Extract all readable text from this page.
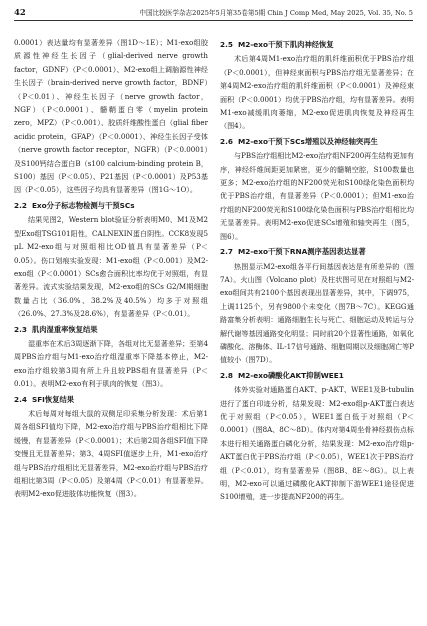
42	中国比较医学杂志2025年5月第35卷第5期 Chin J Comp Med, May 2025, Vol. 35, No. 5

0.0001）表达量均有显著差异（图1D～1E）；M1-exo组胶质源性神经生长因子（glial-derived nerve growth factor，GDNF）（P＜0.0001）、M2-exo组上调脑源性神经生长因子（brain-derived nerve growth factor，BDNF）（P＜0.01）、神经生长因子（nerve growth factor，NGF）（P＜0.0001）、髓鞘蛋白零（myelin protein zero，MPZ）（P＜0.001）、胶质纤维酸性蛋白（glial fiber acidic protein，GFAP）（P＜0.0001）、神经生长因子受体（nerve growth factor receptor，NGFR）（P＜0.0001）及S100钙结合蛋白B（s100 calcium-binding protein B，S100）基因（P＜0.05）、P21基因（P＜0.0001）及P53基因（P＜0.05），这些因子均具有显著差异（图1G～1O）。

2.2 Exo分子标志物检测与干预SCs

结果见图2，Western blot验证分析表明M0、M1及M2型Exo组TSG101阳性，CALNEXIN蛋白阴性。CCK8发现5 μL M2-exo组与对照组相比OD值具有显著差异（P＜0.05）。伤口划痕实验发现：M1-exo组（P＜0.001）及M2-exo组（P＜0.0001）SCs愈合面积比率均优于对照组，有显著差异。流式实验结果发现，M2-exo组的SCs G2/M期细胞数量占比（36.0%、38.2%及40.5%）均多于对照组（26.0%、27.3%及28.6%），有显著差异（P＜0.01）。

2.3 肌肉湿重率恢复结果

湿重率在术后3周逐渐下降，各组对比无显著差异；至第4周PBS治疗组与M1-exo治疗组湿重率下降基本停止，M2-exo治疗组较第3周有所上升且较PBS组有显著差异（P＜0.01）。表明M2-exo有利于肌肉的恢复（图3）。

2.4 SFI恢复结果

术后每周对每组大鼠的双侧足印采集分析发现：术后第1周各组SFI值均下降，M2-exo治疗组与PBS治疗组相比下降缓慢，有显著差异（P＜0.0001）；术后第2周各组SFI值下降变慢且无显著差异；第3、4周SFI值逐步上升，M1-exo治疗组与PBS治疗组相比无显著差异，M2-exo治疗组与PBS治疗组相比第3周（P＜0.05）及第4周（P＜0.01）有显著差异。表明M2-exo促进肢体功能恢复（图3）。

2.5 M2-exo干预下肌肉神经恢复

术后第4周M1-exo治疗组的肌纤维面积优于PBS治疗组（P＜0.0001），但神经束面积与PBS治疗组无显著差异；在第4周M2-exo治疗组的肌纤维面积（P＜0.0001）及神经束面积（P＜0.0001）均优于PBS治疗组，均有显著差异。表明M1-exo减缓肌肉萎缩，M2-exo促进肌肉恢复及神经再生（图4）。

2.6 M2-exo干预下SCs增殖以及神经轴突再生

与PBS治疗组相比M2-exo治疗组NF200再生结构更加有序，神经纤维间距更加紧密，更少的髓鞘空腔，S100数量也更多；M2-exo治疗组的NF200荧光和S100绿化染色面积均优于PBS治疗组，有显著差异（P＜0.0001）；但M1-exo治疗组的NF200荧光和S100绿化染色面积与PBS治疗组相比均无显著差异。表明M2-exo促进SCs增殖和轴突再生（图5，图6）。

2.7 M2-exo干预下RNA测序基因表达显著

热图显示M2-exo组各平行间基因表达是有所差异的（图7A）。火山图（Volcano plot）及柱状图可见在对照组与M2-exo组间共有2100个基因表现出显著差异，其中，下调975，上调1125个，另有9800个未变化（图7B～7C）。KEGG通路富集分析表明：通路细胞生长与死亡、细胞运动及转运与分解代谢等基因通路变化明显；同时前20个显著性通路，如氧化磷酸化、溶酶体、IL-17信号通路、细胞周期以及细胞凋亡等P值较小（图7D）。

2.8 M2-exo磷酸化AKT抑制WEE1

体外实验对通路蛋白AKT、p-AKT、WEE1及B-tubulin进行了蛋白印迹分析，结果发现：M2-exo组p-AKT蛋白表达优于对照组（P＜0.05），WEE1蛋白低于对照组（P＜0.0001）（图8A、8C～8D）。体内对第4周坐骨神经损伤点标本进行相关通路蛋白磷化分析，结果发现：M2-exo治疗组p-AKT蛋白优于PBS治疗组（P＜0.05），WEE1次于PBS治疗组（P＜0.01），均有显著差异（图8B、8E～8G）。以上表明，M2-exo可以通过磷酸化AKT抑制下游WEE1途径促进S100增殖，进一步提高NF200的再生。
